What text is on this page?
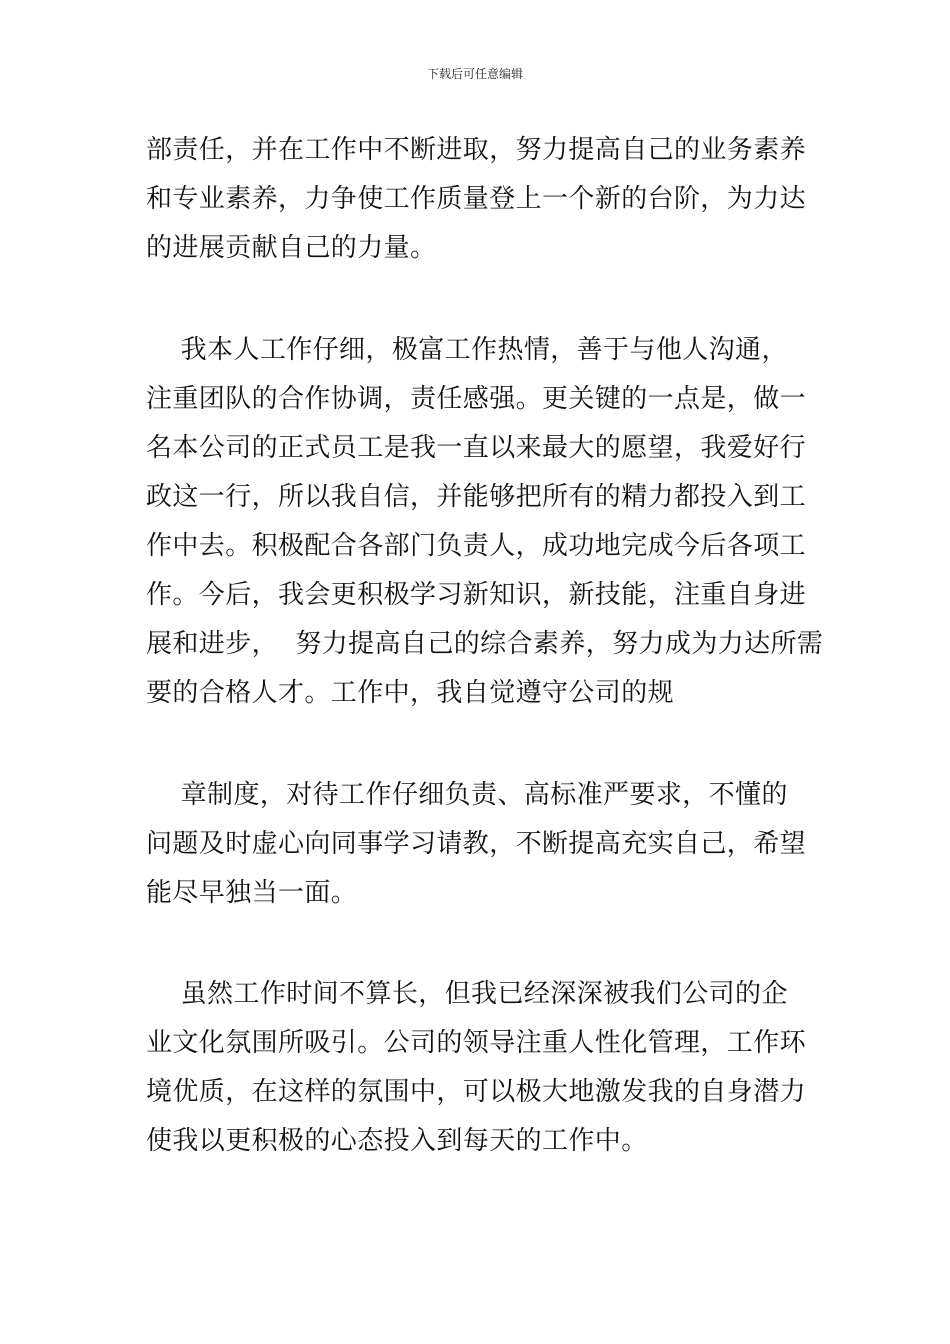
下载后可任意编辑
部责任，并在工作中不断进取，努力提高自己的业务素养
和专业素养，力争使工作质量登上一个新的台阶，为力达
的进展贡献自己的力量。
我本人工作仔细，极富工作热情，善于与他人沟通，
注重团队的合作协调，责任感强。更关键的一点是，做一
名本公司的正式员工是我一直以来最大的愿望，我爱好行
政这一行，所以我自信，并能够把所有的精力都投入到工
作中去。积极配合各部门负责人，成功地完成今后各项工
作。今后，我会更积极学习新知识，新技能，注重自身进
展和进步，  努力提高自己的综合素养，努力成为力达所需
要的合格人才。工作中，我自觉遵守公司的规
章制度，对待工作仔细负责、高标准严要求，不懂的
问题及时虚心向同事学习请教，不断提高充实自己，希望
能尽早独当一面。
虽然工作时间不算长，但我已经深深被我们公司的企
业文化氛围所吸引。公司的领导注重人性化管理，工作环
境优质，在这样的氛围中，可以极大地激发我的自身潜力
使我以更积极的心态投入到每天的工作中。
